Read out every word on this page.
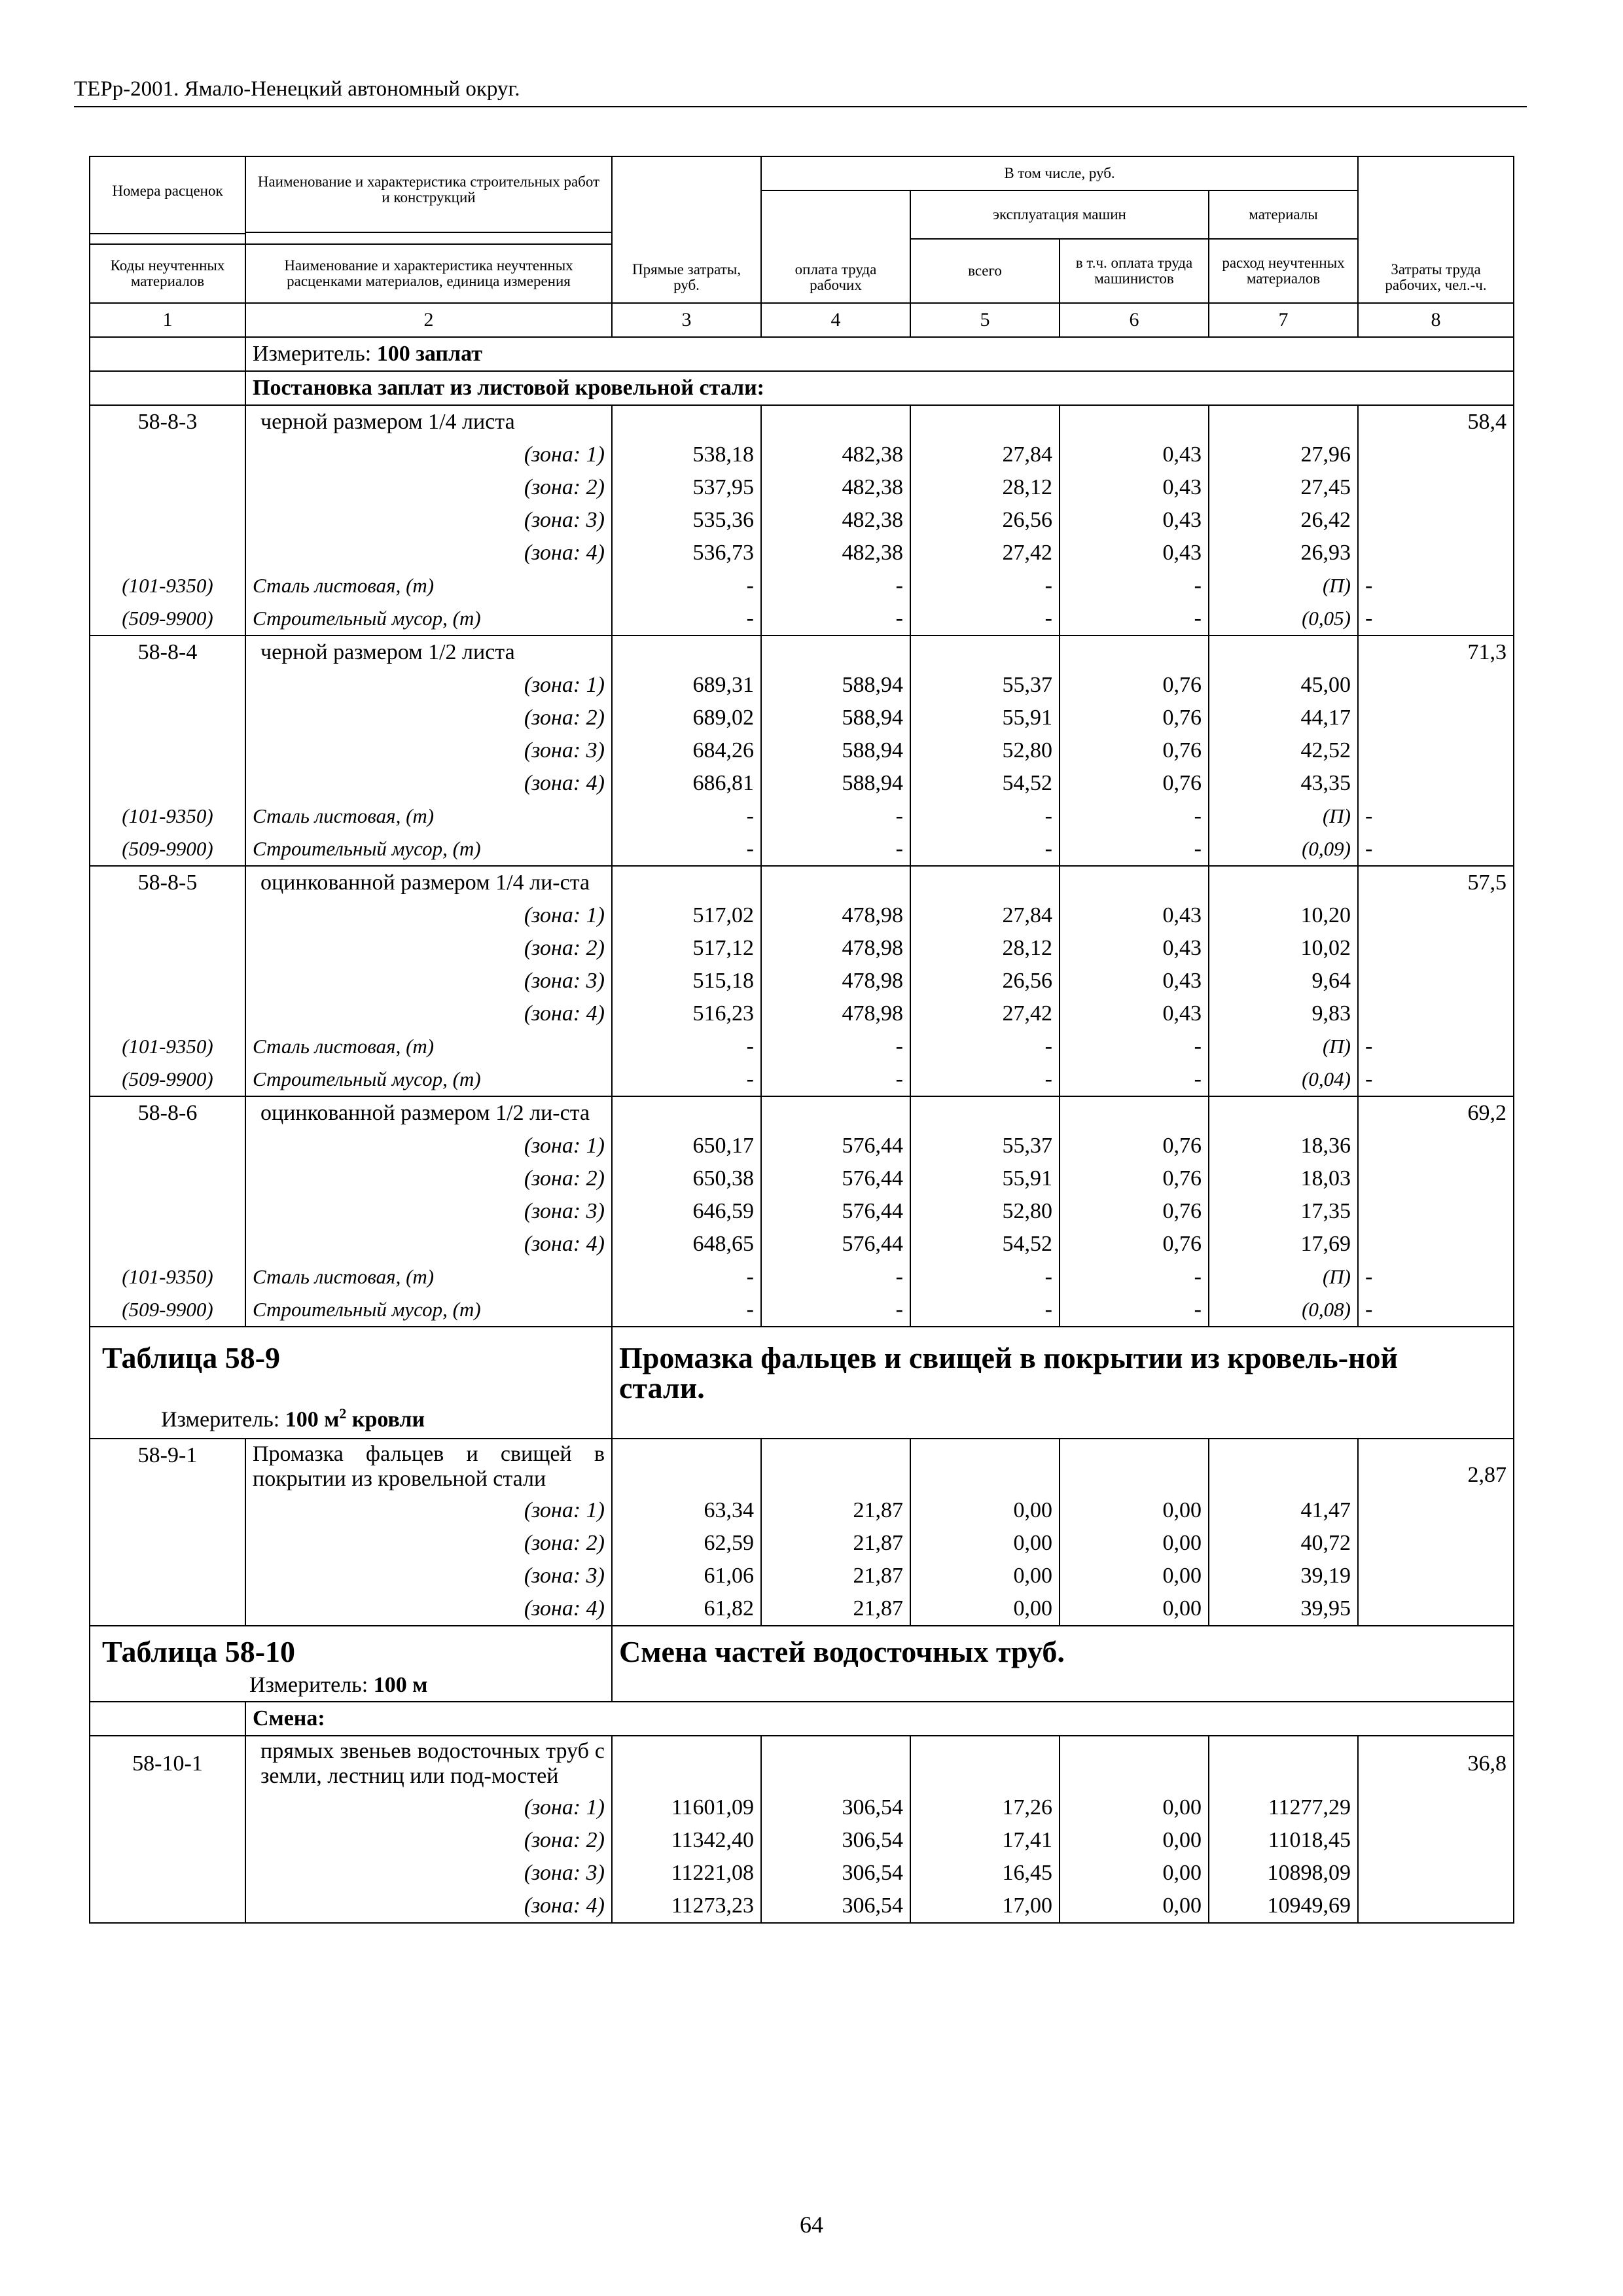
ТЕРр-2001. Ямало-Ненецкий автономный округ.
Номера расценок	Наименование и характеристика строительных работ и конструкций	Прямые затраты, руб.	В том числе, руб.				Затраты труда рабочих, чел.-ч.
			оплата труда рабочих	эксплуатация машин		материалы	
				всего	в т.ч. оплата труда машинистов	расход неучтенных материалов	
Коды неучтенных материалов	Наименование и характеристика неучтенных расценками материалов, единица измерения						
1	2	3	4	5	6	7	8
	Измеритель: 100 заплат						
	Постановка заплат из листовой кровельной стали:						
58-8-3	черной размером 1/4 листа						58,4
	(зона: 1)	538,18	482,38	27,84	0,43	27,96	
	(зона: 2)	537,95	482,38	28,12	0,43	27,45	
	(зона: 3)	535,36	482,38	26,56	0,43	26,42	
	(зона: 4)	536,73	482,38	27,42	0,43	26,93	
(101-9350)	Сталь листовая, (т)	-	-	-	-	(П)	-
(509-9900)	Строительный мусор, (т)	-	-	-	-	(0,05)	-
58-8-4	черной размером 1/2 листа						71,3
	(зона: 1)	689,31	588,94	55,37	0,76	45,00	
	(зона: 2)	689,02	588,94	55,91	0,76	44,17	
	(зона: 3)	684,26	588,94	52,80	0,76	42,52	
	(зона: 4)	686,81	588,94	54,52	0,76	43,35	
(101-9350)	Сталь листовая, (т)	-	-	-	-	(П)	-
(509-9900)	Строительный мусор, (т)	-	-	-	-	(0,09)	-
58-8-5	оцинкованной размером 1/4 ли-ста						57,5
	(зона: 1)	517,02	478,98	27,84	0,43	10,20	
	(зона: 2)	517,12	478,98	28,12	0,43	10,02	
	(зона: 3)	515,18	478,98	26,56	0,43	9,64	
	(зона: 4)	516,23	478,98	27,42	0,43	9,83	
(101-9350)	Сталь листовая, (т)	-	-	-	-	(П)	-
(509-9900)	Строительный мусор, (т)	-	-	-	-	(0,04)	-
58-8-6	оцинкованной размером 1/2 ли-ста						69,2
	(зона: 1)	650,17	576,44	55,37	0,76	18,36	
	(зона: 2)	650,38	576,44	55,91	0,76	18,03	
	(зона: 3)	646,59	576,44	52,80	0,76	17,35	
	(зона: 4)	648,65	576,44	54,52	0,76	17,69	
(101-9350)	Сталь листовая, (т)	-	-	-	-	(П)	-
(509-9900)	Строительный мусор, (т)	-	-	-	-	(0,08)	-

Таблица 58-9
Измеритель: 100 $м^2$ кровли		Промазка фальцев и свищей в покрытии из кровель-ной стали.					
58-9-1	Промазка фальцев и свищей в покрытии из кровельной стали						2,87
	(зона: 1)	63,34	21,87	0,00	0,00	41,47	
	(зона: 2)	62,59	21,87	0,00	0,00	40,72	
	(зона: 3)	61,06	21,87	0,00	0,00	39,19	
	(зона: 4)	61,82	21,87	0,00	0,00	39,95	

Таблица 58-10
Измеритель: 100 м		Смена частей водосточных труб.					
	Смена:						
58-10-1	прямых звеньев водосточных труб с земли, лестниц или под-мостей						36,8
	(зона: 1)	11601,09	306,54	17,26	0,00	11277,29	
	(зона: 2)	11342,40	306,54	17,41	0,00	11018,45	
	(зона: 3)	11221,08	306,54	16,45	0,00	10898,09	
	(зона: 4)	11273,23	306,54	17,00	0,00	10949,69	
64
